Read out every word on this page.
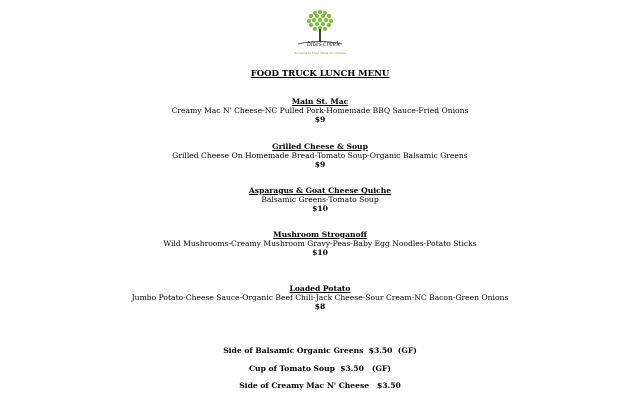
bites creek
Homemade Food Made for Citizens
FOOD TRUCK LUNCH MENU
Main St. Mac
Creamy Mac N' Cheese-NC Pulled Pork-Homemade BBQ Sauce-Fried Onions
$9
Grilled Cheese & Soup
Grilled Cheese On Homemade Bread-Tomato Soup-Organic Balsamic Greens
$9
Asparagus & Goat Cheese Quiche
Balsamic Greens-Tomato Soup
$10
Mushroom Stroganoff
Wild Mushrooms-Creamy Mushroom Gravy-Peas-Baby Egg Noodles-Potato Sticks
$10
Loaded Potato
Jumbo Potato-Cheese Sauce-Organic Beef Chili-Jack Cheese-Sour Cream-NC Bacon-Green Onions
$8
Side of Balsamic Organic Greens  $3.50  (GF)
Cup of Tomato Soup  $3.50   (GF)
Side of Creamy Mac N' Cheese   $3.50
